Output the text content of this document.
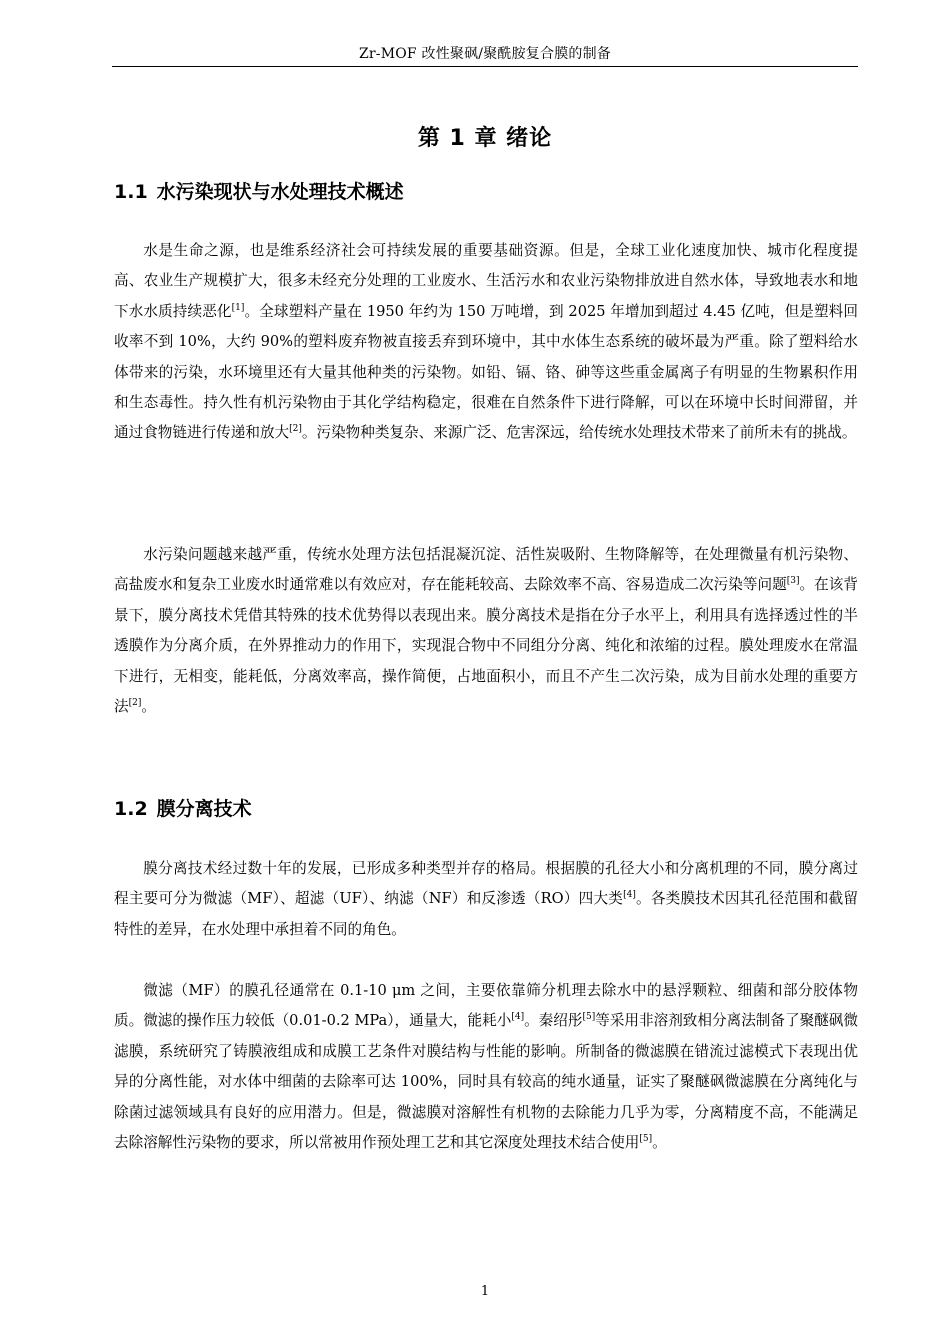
Zr-MOF 改性聚砜/聚酰胺复合膜的制备
第 1 章 绪论
1.1 水污染现状与水处理技术概述

水是生命之源，也是维系经济社会可持续发展的重要基础资源。但是，全球工业化速度加快、城市化程度提高、农业生产规模扩大，很多未经充分处理的工业废水、生活污水和农业污染物排放进自然水体，导致地表水和地下水水质持续恶化[1]。全球塑料产量在 1950 年约为 150 万吨增，到 2025 年增加到超过 4.45 亿吨，但是塑料回收率不到 10%，大约 90%的塑料废弃物被直接丢弃到环境中，其中水体生态系统的破坏最为严重。除了塑料给水体带来的污染，水环境里还有大量其他种类的污染物。如铅、镉、铬、砷等这些重金属离子有明显的生物累积作用和生态毒性。持久性有机污染物由于其化学结构稳定，很难在自然条件下进行降解，可以在环境中长时间滞留，并通过食物链进行传递和放大[2]。污染物种类复杂、来源广泛、危害深远，给传统水处理技术带来了前所未有的挑战。

水污染问题越来越严重，传统水处理方法包括混凝沉淀、活性炭吸附、生物降解等，在处理微量有机污染物、高盐废水和复杂工业废水时通常难以有效应对，存在能耗较高、去除效率不高、容易造成二次污染等问题[3]。在该背景下，膜分离技术凭借其特殊的技术优势得以表现出来。膜分离技术是指在分子水平上，利用具有选择透过性的半透膜作为分离介质，在外界推动力的作用下，实现混合物中不同组分分离、纯化和浓缩的过程。膜处理废水在常温下进行，无相变，能耗低，分离效率高，操作简便，占地面积小，而且不产生二次污染，成为目前水处理的重要方法[2]。

1.2 膜分离技术

膜分离技术经过数十年的发展，已形成多种类型并存的格局。根据膜的孔径大小和分离机理的不同，膜分离过程主要可分为微滤（MF）、超滤（UF）、纳滤（NF）和反渗透（RO）四大类[4]。各类膜技术因其孔径范围和截留特性的差异，在水处理中承担着不同的角色。

微滤（MF）的膜孔径通常在 0.1-10 μm 之间，主要依靠筛分机理去除水中的悬浮颗粒、细菌和部分胶体物质。微滤的操作压力较低（0.01-0.2 MPa），通量大，能耗小[4]。秦绍彤[5]等采用非溶剂致相分离法制备了聚醚砜微滤膜，系统研究了铸膜液组成和成膜工艺条件对膜结构与性能的影响。所制备的微滤膜在错流过滤模式下表现出优异的分离性能，对水体中细菌的去除率可达 100%，同时具有较高的纯水通量，证实了聚醚砜微滤膜在分离纯化与除菌过滤领域具有良好的应用潜力。但是，微滤膜对溶解性有机物的去除能力几乎为零，分离精度不高，不能满足去除溶解性污染物的要求，所以常被用作预处理工艺和其它深度处理技术结合使用[5]。

1
